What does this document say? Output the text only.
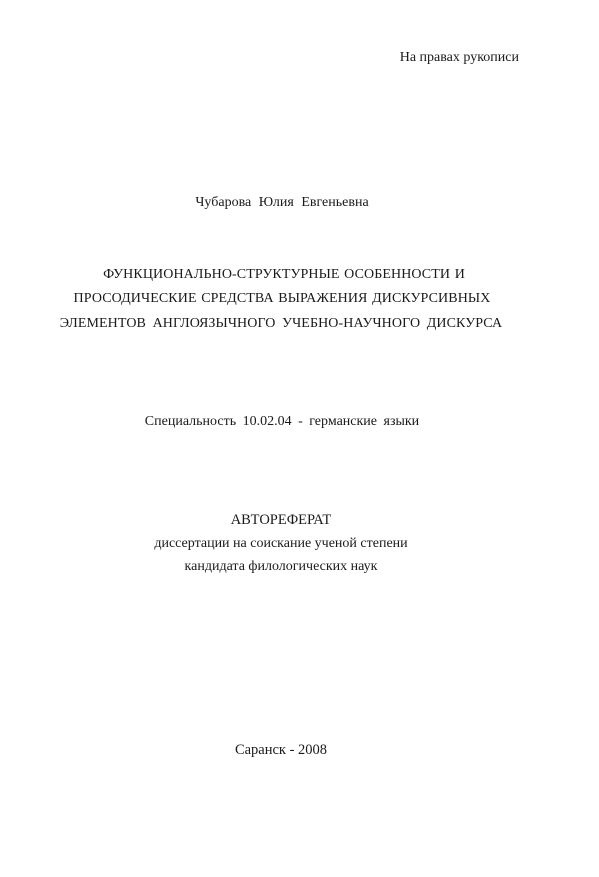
На правах рукописи
Чубарова Юлия Евгеньевна
ФУНКЦИОНАЛЬНО-СТРУКТУРНЫЕ ОСОБЕННОСТИ И
ПРОСОДИЧЕСКИЕ СРЕДСТВА ВЫРАЖЕНИЯ ДИСКУРСИВНЫХ
ЭЛЕМЕНТОВ АНГЛОЯЗЫЧНОГО УЧЕБНО-НАУЧНОГО ДИСКУРСА
Специальность 10.02.04 - германские языки
АВТОРЕФЕРАТ
диссертации на соискание ученой степени
кандидата филологических наук
Саранск - 2008
